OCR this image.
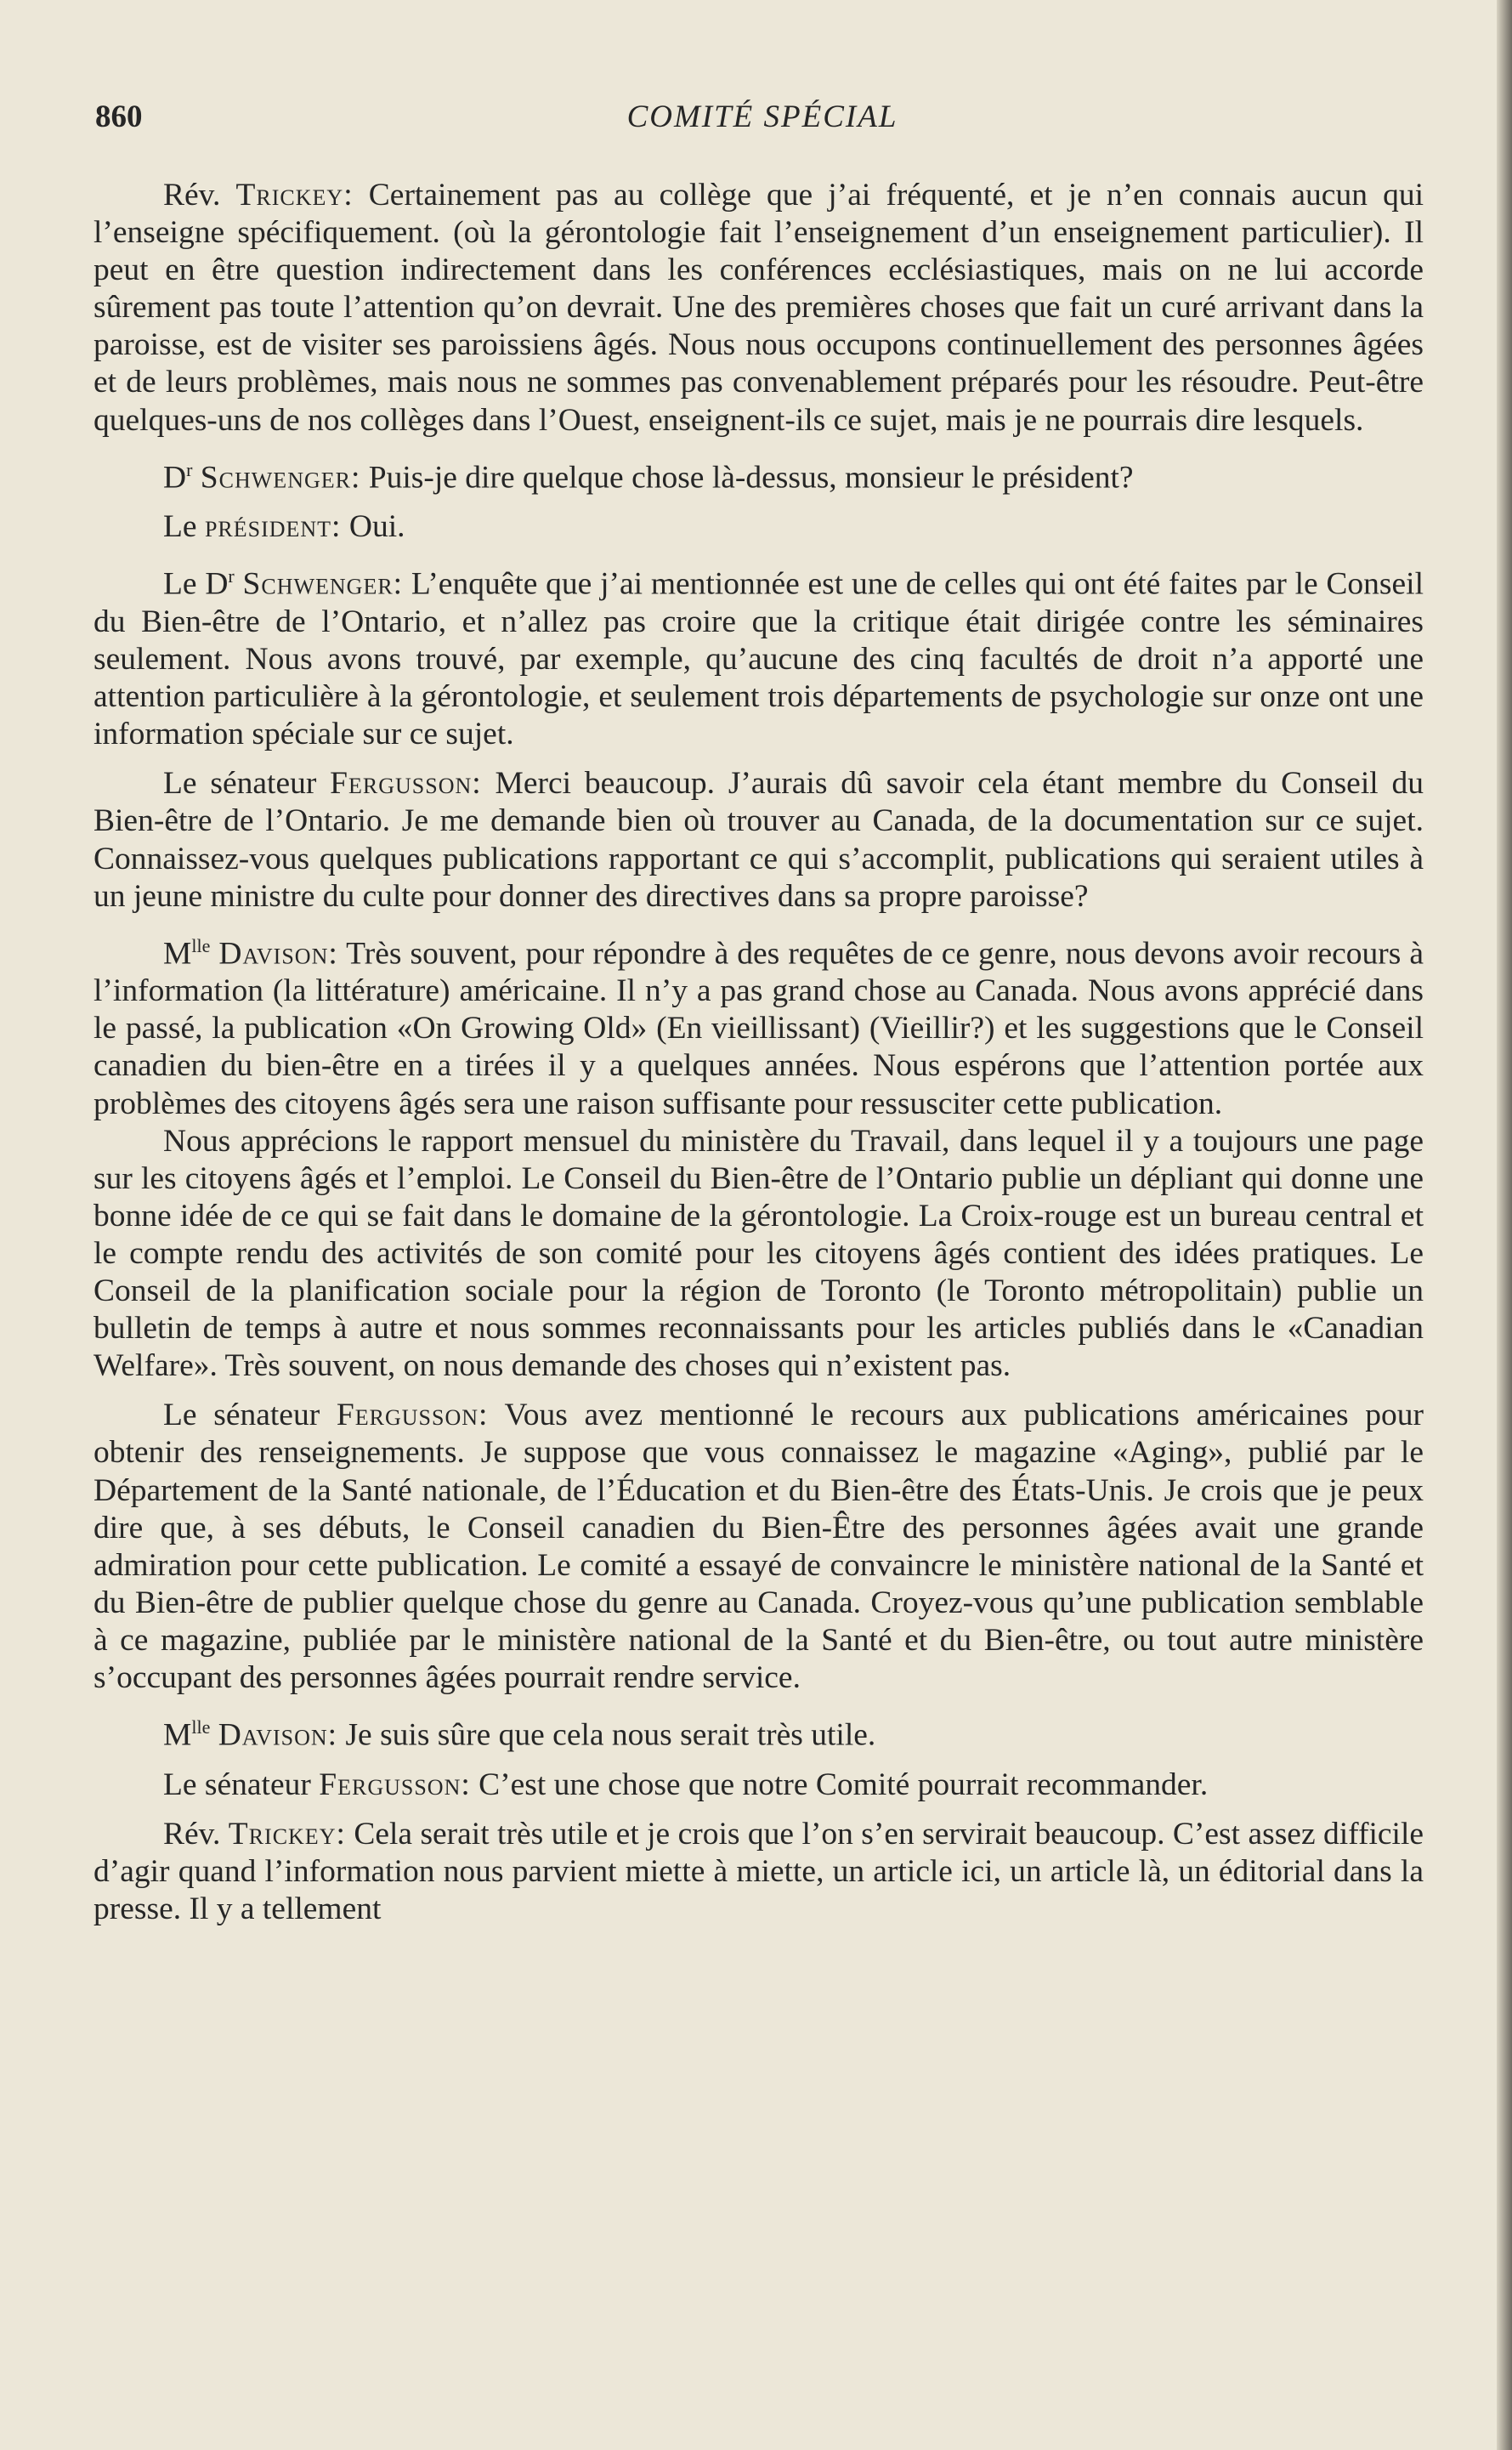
860	COMITÉ SPÉCIAL

Rév. Trickey: Certainement pas au collège que j’ai fréquenté, et je n’en connais aucun qui l’enseigne spécifiquement. (où la gérontologie fait l’enseignement d’un enseignement particulier). Il peut en être question indirectement dans les conférences ecclésiastiques, mais on ne lui accorde sûrement pas toute l’attention qu’on devrait. Une des premières choses que fait un curé arrivant dans la paroisse, est de visiter ses paroissiens âgés. Nous nous occupons continuellement des personnes âgées et de leurs problèmes, mais nous ne sommes pas convenablement préparés pour les résoudre. Peut-être quelques-uns de nos collèges dans l’Ouest, enseignent-ils ce sujet, mais je ne pourrais dire lesquels.

$D^r$ Schwenger: Puis-je dire quelque chose là-dessus, monsieur le président?

Le président: Oui.

Le $D^r$ Schwenger: L’enquête que j’ai mentionnée est une de celles qui ont été faites par le Conseil du Bien-être de l’Ontario, et n’allez pas croire que la critique était dirigée contre les séminaires seulement. Nous avons trouvé, par exemple, qu’aucune des cinq facultés de droit n’a apporté une attention particulière à la gérontologie, et seulement trois départements de psychologie sur onze ont une information spéciale sur ce sujet.

Le sénateur Fergusson: Merci beaucoup. J’aurais dû savoir cela étant membre du Conseil du Bien-être de l’Ontario. Je me demande bien où trouver au Canada, de la documentation sur ce sujet. Connaissez-vous quelques publications rapportant ce qui s’accomplit, publications qui seraient utiles à un jeune ministre du culte pour donner des directives dans sa propre paroisse?

$M^{lle}$ Davison: Très souvent, pour répondre à des requêtes de ce genre, nous devons avoir recours à l’information (la littérature) américaine. Il n’y a pas grand chose au Canada. Nous avons apprécié dans le passé, la publication «On Growing Old» (En vieillissant) (Vieillir?) et les suggestions que le Conseil canadien du bien-être en a tirées il y a quelques années. Nous espérons que l’attention portée aux problèmes des citoyens âgés sera une raison suffisante pour ressusciter cette publication.

Nous apprécions le rapport mensuel du ministère du Travail, dans lequel il y a toujours une page sur les citoyens âgés et l’emploi. Le Conseil du Bien-être de l’Ontario publie un dépliant qui donne une bonne idée de ce qui se fait dans le domaine de la gérontologie. La Croix-rouge est un bureau central et le compte rendu des activités de son comité pour les citoyens âgés contient des idées pratiques. Le Conseil de la planification sociale pour la région de Toronto (le Toronto métropolitain) publie un bulletin de temps à autre et nous sommes reconnaissants pour les articles publiés dans le «Canadian Welfare». Très souvent, on nous demande des choses qui n’existent pas.

Le sénateur Fergusson: Vous avez mentionné le recours aux publications américaines pour obtenir des renseignements. Je suppose que vous connaissez le magazine «Aging», publié par le Département de la Santé nationale, de l’Éducation et du Bien-être des États-Unis. Je crois que je peux dire que, à ses débuts, le Conseil canadien du Bien-Être des personnes âgées avait une grande admiration pour cette publication. Le comité a essayé de convaincre le ministère national de la Santé et du Bien-être de publier quelque chose du genre au Canada. Croyez-vous qu’une publication semblable à ce magazine, publiée par le ministère national de la Santé et du Bien-être, ou tout autre ministère s’occupant des personnes âgées pourrait rendre service.

$M^{lle}$ Davison: Je suis sûre que cela nous serait très utile.

Le sénateur Fergusson: C’est une chose que notre Comité pourrait recommander.

Rév. Trickey: Cela serait très utile et je crois que l’on s’en servirait beaucoup. C’est assez difficile d’agir quand l’information nous parvient miette à miette, un article ici, un article là, un éditorial dans la presse. Il y a tellement
